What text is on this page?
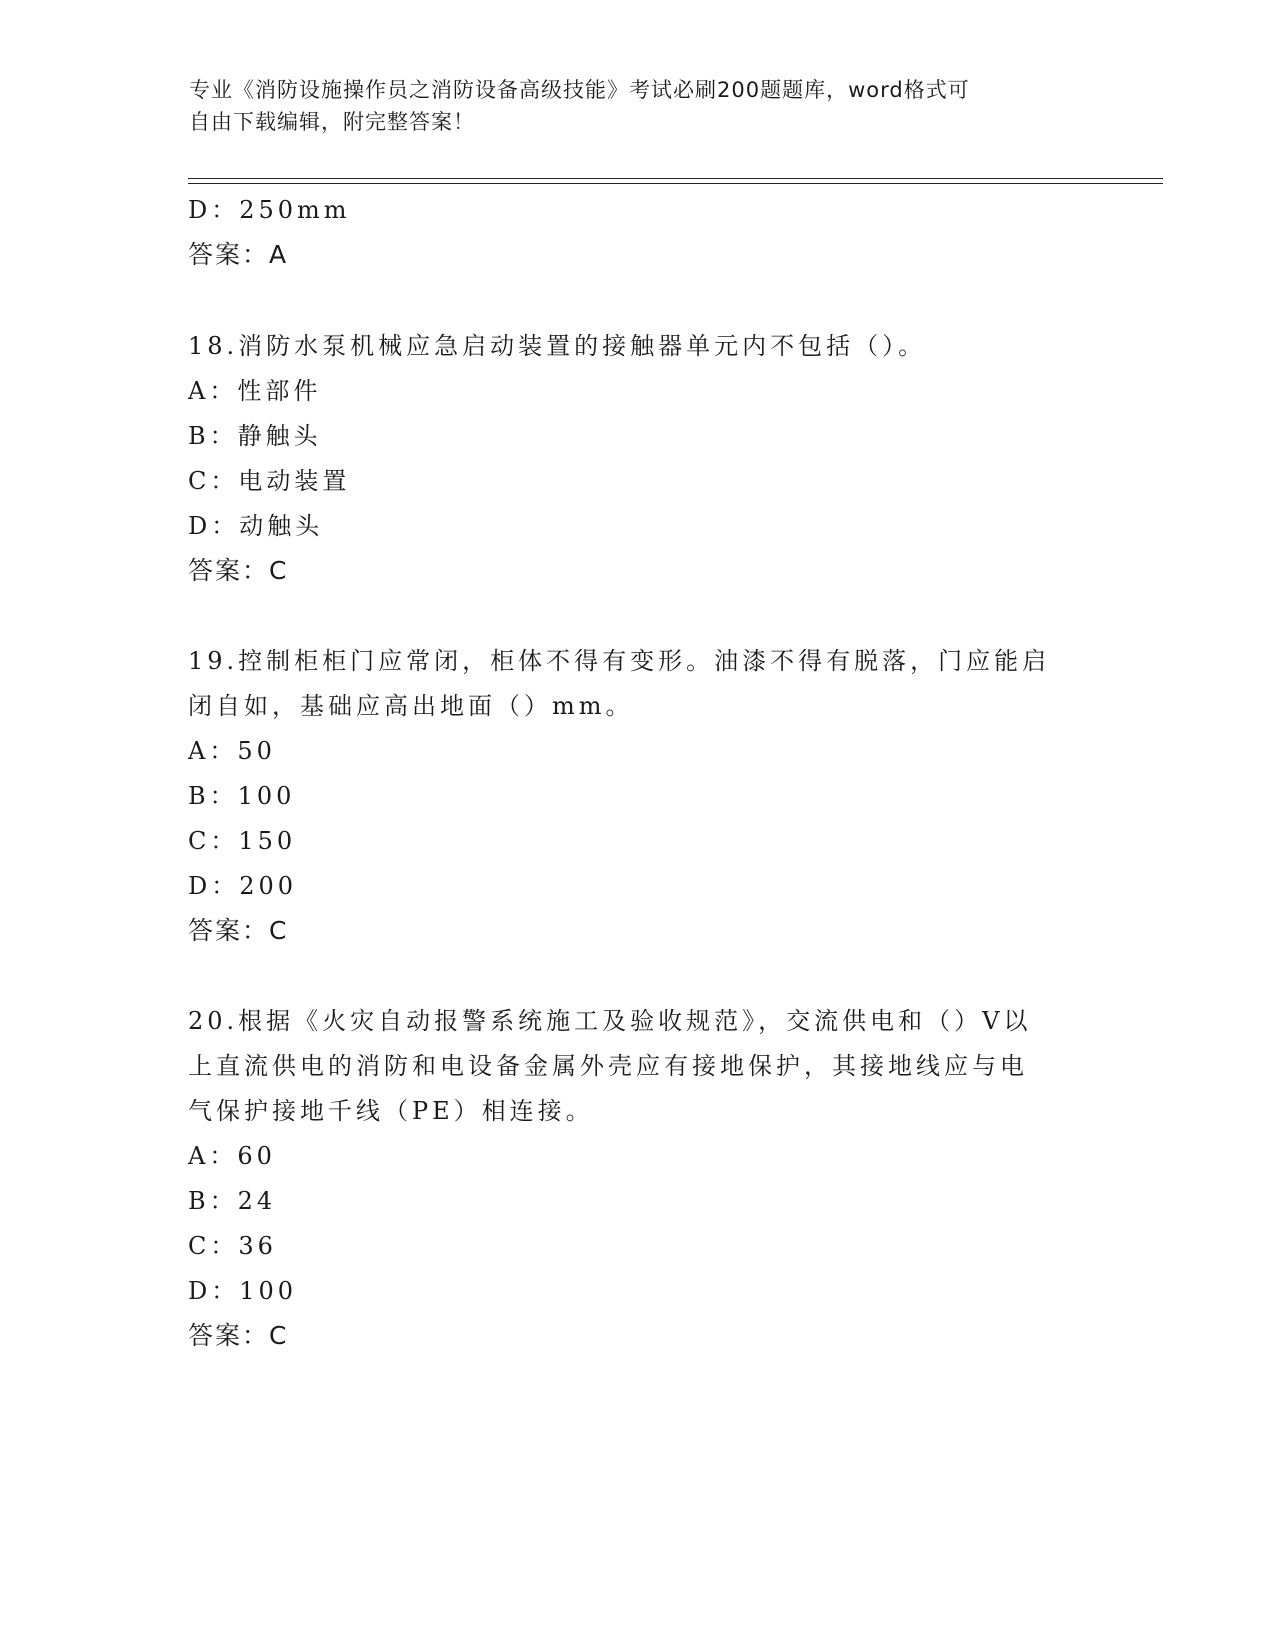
专业《消防设施操作员之消防设备高级技能》考试必刷200题题库，word格式可
自由下载编辑，附完整答案！
D：250mm
答案：A
18.消防水泵机械应急启动装置的接触器单元内不包括（）。
A：性部件
B：静触头
C：电动装置
D：动触头
答案：C
19.控制柜柜门应常闭，柜体不得有变形。油漆不得有脱落，门应能启
闭自如，基础应高出地面（）mm。
A：50
B：100
C：150
D：200
答案：C
20.根据《火灾自动报警系统施工及验收规范》，交流供电和（）V以
上直流供电的消防和电设备金属外壳应有接地保护，其接地线应与电
气保护接地千线（PE）相连接。
A：60
B：24
C：36
D：100
答案：C
